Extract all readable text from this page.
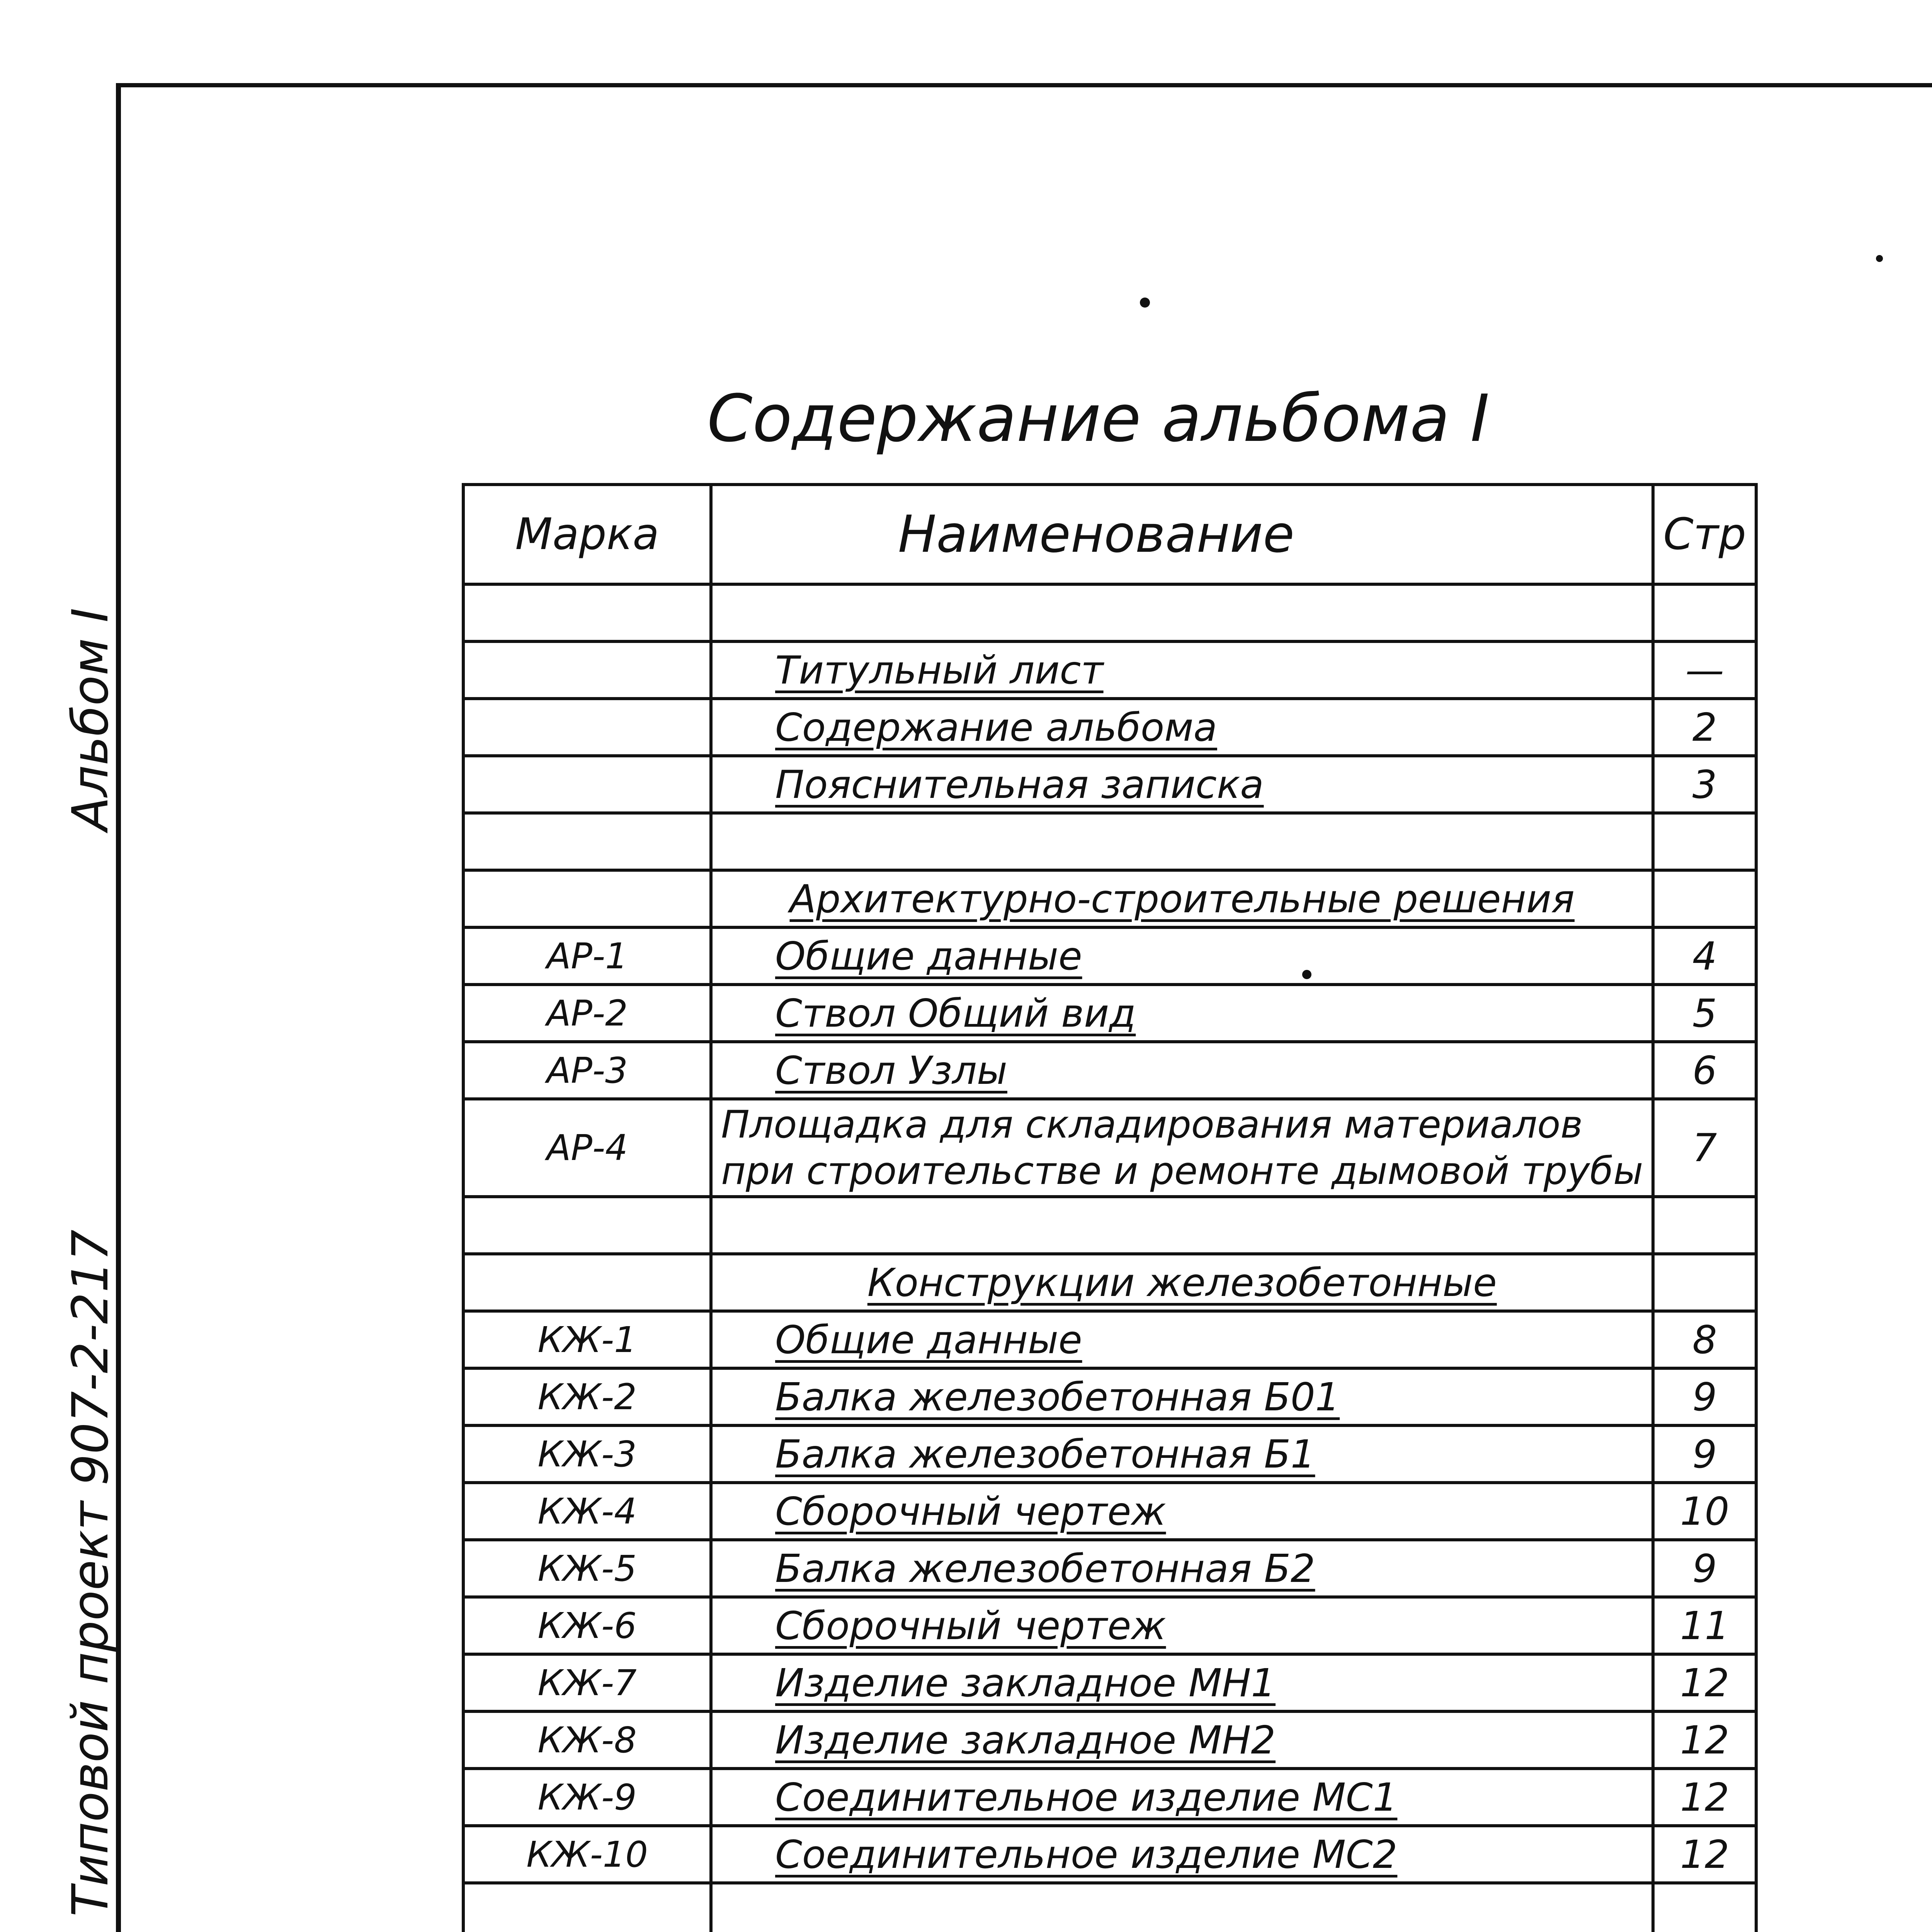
Альбом I
Типовой проект 907-2-217
Содержание альбома I
Марка	Наименование	Стр

	Титульный лист	—
	Содержание альбома	2
	Пояснительная записка	3

	Архитектурно-строительные решения	
АР-1	Общие данные	4
АР-2	Ствол Общий вид	5
АР-3	Ствол Узлы	6
АР-4	Площадка для складирования материалов
при строительстве и ремонте дымовой трубы	7

	Конструкции железобетонные	
КЖ-1	Общие данные	8
КЖ-2	Балка железобетонная Б01	9
КЖ-3	Балка железобетонная Б1	9
КЖ-4	Сборочный чертеж	10
КЖ-5	Балка железобетонная Б2	9
КЖ-6	Сборочный чертеж	11
КЖ-7	Изделие закладное МН1	12
КЖ-8	Изделие закладное МН2	12
КЖ-9	Соединительное изделие МС1	12
КЖ-10	Соединительное изделие МС2	12
